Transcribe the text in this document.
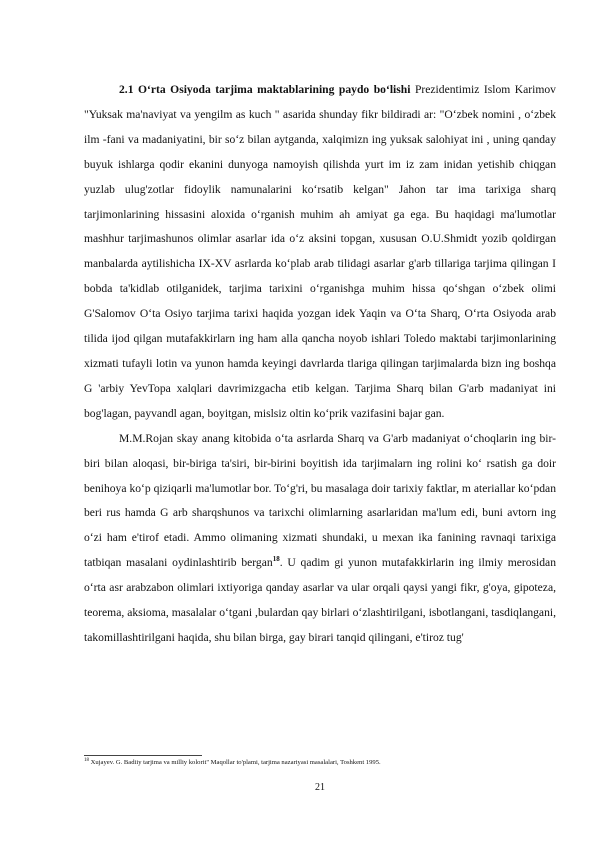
2.1 O‘rta Osiyoda tarjima maktablarining paydo bo‘lishi Prezidentimiz Islom Karimov "Yuksak ma'naviyat va yengilm as kuch " asarida shunday fikr bildiradi ar: "O‘zbek nomini , o‘zbek ilm -fani va madaniyatini, bir so‘z bilan aytganda, xalqimizn ing yuksak salohiyat ini , uning qanday buyuk ishlarga qodir ekanini dunyoga namoyish qilishda yurt im iz zam inidan yetishib chiqgan yuzlab ulug'zotlar fidoylik namunalarini ko‘rsatib kelgan" Jahon tar ima tarixiga sharq tarjimonlarining hissasini aloxida o‘rganish muhim ah amiyat ga ega. Bu haqidagi ma'lumotlar mashhur tarjimashunos olimlar asarlar ida o‘z aksini topgan, xususan O.U.Shmidt yozib qoldirgan manbalarda aytilishicha IX-XV asrlarda ko‘plab arab tilidagi asarlar g'arb tillariga tarjima qilingan I bobda ta'kidlab otilganidek, tarjima tarixini o‘rganishga muhim hissa qo‘shgan o‘zbek olimi G'Salomov O‘ta Osiyo tarjima tarixi haqida yozgan idek Yaqin va O‘ta Sharq, O‘rta Osiyoda arab tilida ijod qilgan mutafakkirlarn ing ham alla qancha noyob ishlari Toledo maktabi tarjimonlarining xizmati tufayli lotin va yunon hamda keyingi davrlarda tlariga qilingan tarjimalarda bizn ing boshqa G 'arbiy YevTopa xalqlari davrimizgacha etib kelgan. Tarjima Sharq bilan G'arb madaniyat ini bog'lagan, payvandl agan, boyitgan, mislsiz oltin ko‘prik vazifasini bajar gan.

M.M.Rojan skay anang kitobida o‘ta asrlarda Sharq va G'arb madaniyat o‘choqlarin ing bir-biri bilan aloqasi, bir-biriga ta'siri, bir-birini boyitish ida tarjimalarn ing rolini kᴏ‘ rsatish ga doir benihoya ko‘p qiziqarli ma'lumotlar bor. To‘g'ri, bu masalaga doir tarixiy faktlar, m ateriallar ko‘pdan beri rus hamda G arb sharqshunos va tarixchi olimlarning asarlaridan ma'lum edi, buni avtorn ing o‘zi ham e'tirof etadi. Ammo olimaning xizmati shundaki, u mexan ika fanining ravnaqi tarixiga tatbiqan masalani oydinlashtirib bergan$^{18}$. U qadim gi yunon mutafakkirlarin ing ilmiy merosidan o‘rta asr arabzabon olimlari ixtiyoriga qanday asarlar va ular orqali qaysi yangi fikr, g'oya, gipoteza, teorema, aksioma, masalalar o‘tgani ,bulardan qay birlari o‘zlashtirilgani, isbotlangani, tasdiqlangani, takomillashtirilgani haqida, shu bilan birga, gay birari tanqid qilingani, e'tiroz tug'

$^{18}$ Xujayev. G. Badiiy tarjima va milliy kolorit" Maqollar to'plami, tarjima nazariyasi masalalari, Toshkent 1995.
21
